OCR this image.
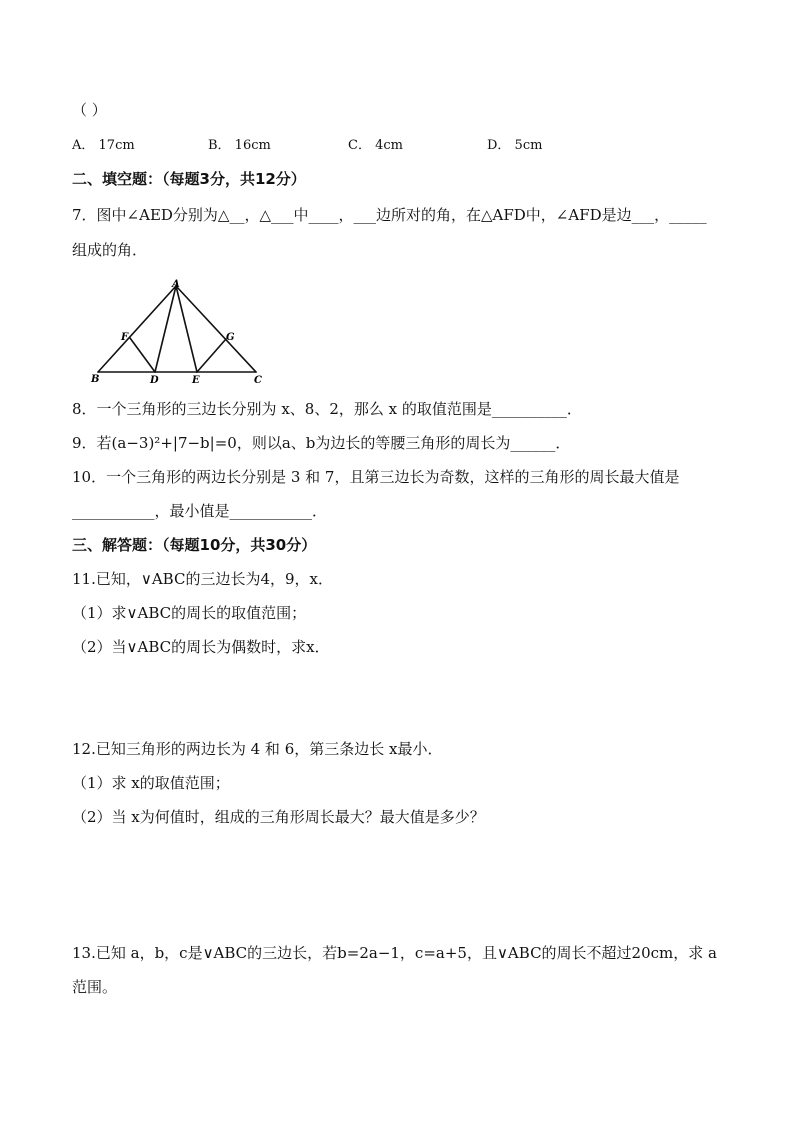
（ ）
A． 17cm	B． 16cm	C． 4cm	D． 5cm
二、填空题：（每题3分，共12分）
7．图中∠AED分别为△__，△___中____，___边所对的角，在△AFD中，∠AFD是边___，_____
组成的角．
A
B	C
D	E
F	G
8．一个三角形的三边长分别为 x、8、2，那么 x 的取值范围是__________．
9．若(a−3)²+|7−b|=0，则以a、b为边长的等腰三角形的周长为______．
10．一个三角形的两边长分别是 3 和 7，且第三边长为奇数，这样的三角形的周长最大值是
___________，最小值是___________．
三、解答题：（每题10分，共30分）
11.已知，∨ABC的三边长为4，9，x．
（1）求∨ABC的周长的取值范围；
（2）当∨ABC的周长为偶数时，求x．
12.已知三角形的两边长为 4 和 6，第三条边长 x最小．
（1）求 x的取值范围；
（2）当 x为何值时，组成的三角形周长最大？最大值是多少？
13.已知 a，b，c是∨ABC的三边长，若b=2a−1，c=a+5，且∨ABC的周长不超过20cm，求 a
范围。
